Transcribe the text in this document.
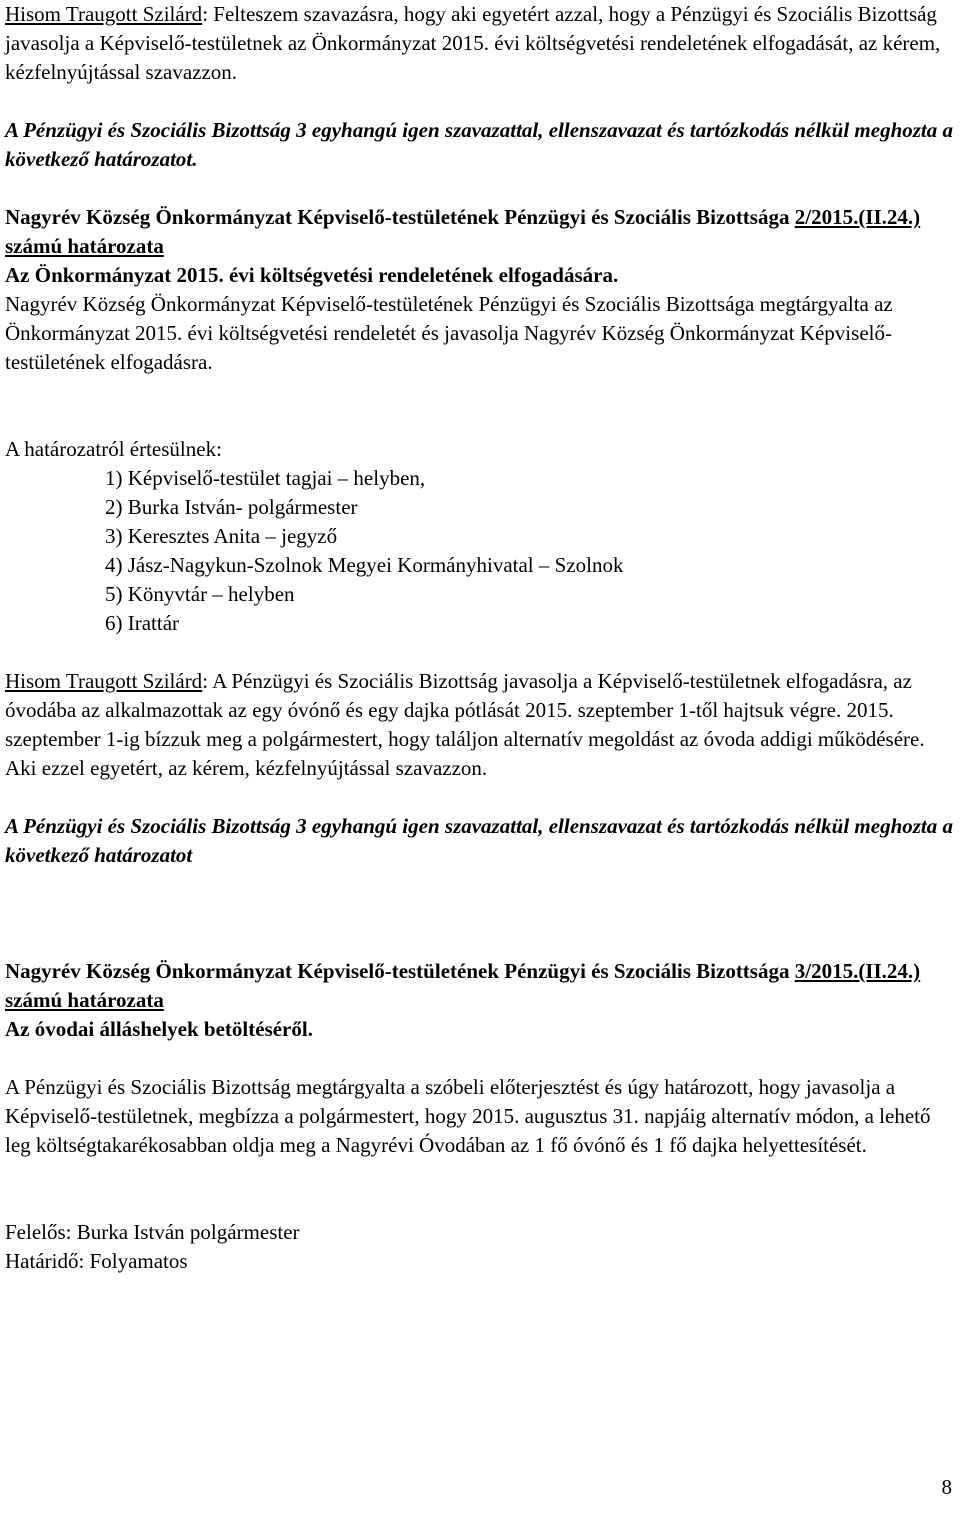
Hisom Traugott Szilárd: Felteszem szavazásra, hogy aki egyetért azzal, hogy a Pénzügyi és Szociális Bizottság javasolja a Képviselő-testületnek az Önkormányzat 2015. évi költségvetési rendeletének elfogadását, az kérem, kézfelnyújtással szavazzon.

A Pénzügyi és Szociális Bizottság 3 egyhangú igen szavazattal, ellenszavazat és tartózkodás nélkül meghozta a következő határozatot.

Nagyrév Község Önkormányzat Képviselő-testületének Pénzügyi és Szociális Bizottsága 2/2015.(II.24.) számú határozata

Az Önkormányzat 2015. évi költségvetési rendeletének elfogadására.

Nagyrév Község Önkormányzat Képviselő-testületének Pénzügyi és Szociális Bizottsága megtárgyalta az Önkormányzat 2015. évi költségvetési rendeletét és javasolja Nagyrév Község Önkormányzat Képviselő-testületének elfogadásra.

A határozatról értesülnek:

1) Képviselő-testület tagjai – helyben,

2) Burka István- polgármester

3) Keresztes Anita – jegyző

4) Jász-Nagykun-Szolnok Megyei Kormányhivatal – Szolnok

5) Könyvtár – helyben

6) Irattár

Hisom Traugott Szilárd: A Pénzügyi és Szociális Bizottság javasolja a Képviselő-testületnek elfogadásra, az óvodába az alkalmazottak az egy óvónő és egy dajka pótlását 2015. szeptember 1-től hajtsuk végre. 2015. szeptember 1-ig bízzuk meg a polgármestert, hogy találjon alternatív megoldást az óvoda addigi működésére.

Aki ezzel egyetért, az kérem, kézfelnyújtással szavazzon.

A Pénzügyi és Szociális Bizottság 3 egyhangú igen szavazattal, ellenszavazat és tartózkodás nélkül meghozta a következő határozatot

Nagyrév Község Önkormányzat Képviselő-testületének Pénzügyi és Szociális Bizottsága 3/2015.(II.24.) számú határozata

Az óvodai álláshelyek betöltéséről.

A Pénzügyi és Szociális Bizottság megtárgyalta a szóbeli előterjesztést és úgy határozott, hogy javasolja a Képviselő-testületnek, megbízza a polgármestert, hogy 2015. augusztus 31. napjáig alternatív módon, a lehető leg költségtakarékosabban oldja meg a Nagyrévi Óvodában az 1 fő óvónő és 1 fő dajka helyettesítését.

Felelős: Burka István polgármester

Határidő: Folyamatos

8
